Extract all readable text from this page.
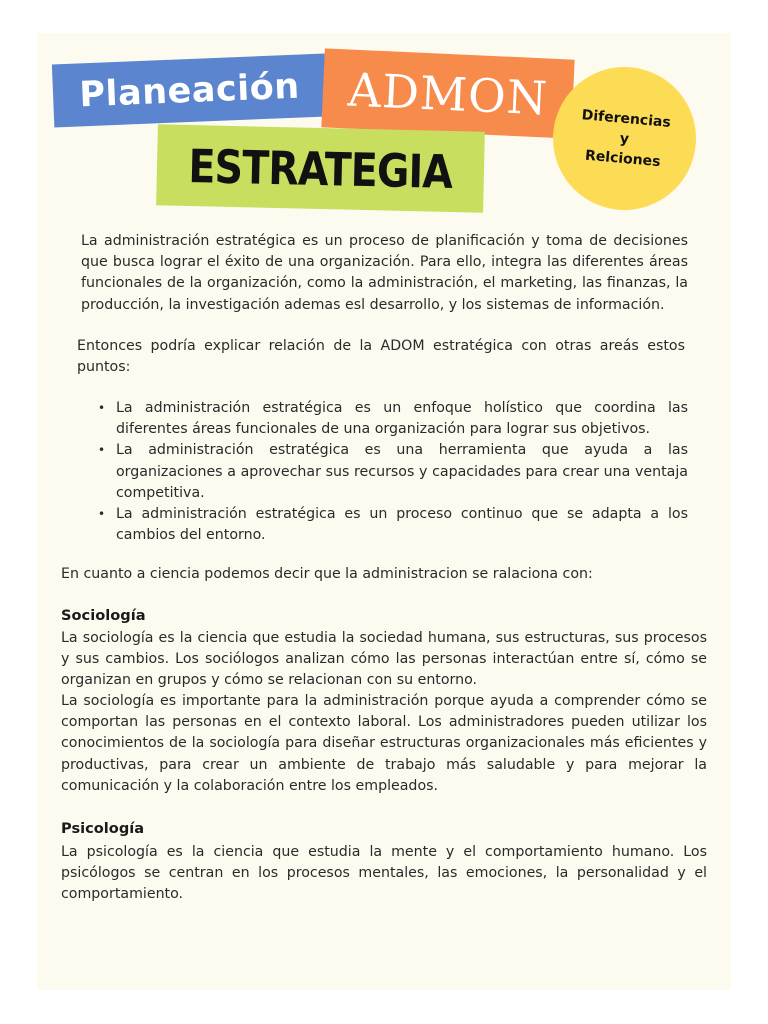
Planeación ADMON
ESTRATEGIA
Diferencias
y
Relciones

La administración estratégica es un proceso de planificación y toma de decisiones que busca lograr el éxito de una organización. Para ello, integra las diferentes áreas funcionales de la organización, como la administración, el marketing, las finanzas, la producción, la investigación ademas esl desarrollo, y los sistemas de información.

Entonces podría explicar relación de la ADOM estratégica con otras areás estos puntos:

• La administración estratégica es un enfoque holístico que coordina las diferentes áreas funcionales de una organización para lograr sus objetivos.
• La administración estratégica es una herramienta que ayuda a las organizaciones a aprovechar sus recursos y capacidades para crear una ventaja competitiva.
• La administración estratégica es un proceso continuo que se adapta a los cambios del entorno.

En cuanto a ciencia podemos decir que la administracion se ralaciona con:

Sociología

La sociología es la ciencia que estudia la sociedad humana, sus estructuras, sus procesos y sus cambios. Los sociólogos analizan cómo las personas interactúan entre sí, cómo se organizan en grupos y cómo se relacionan con su entorno.

La sociología es importante para la administración porque ayuda a comprender cómo se comportan las personas en el contexto laboral. Los administradores pueden utilizar los conocimientos de la sociología para diseñar estructuras organizacionales más eficientes y productivas, para crear un ambiente de trabajo más saludable y para mejorar la comunicación y la colaboración entre los empleados.

Psicología

La psicología es la ciencia que estudia la mente y el comportamiento humano. Los psicólogos se centran en los procesos mentales, las emociones, la personalidad y el comportamiento.
